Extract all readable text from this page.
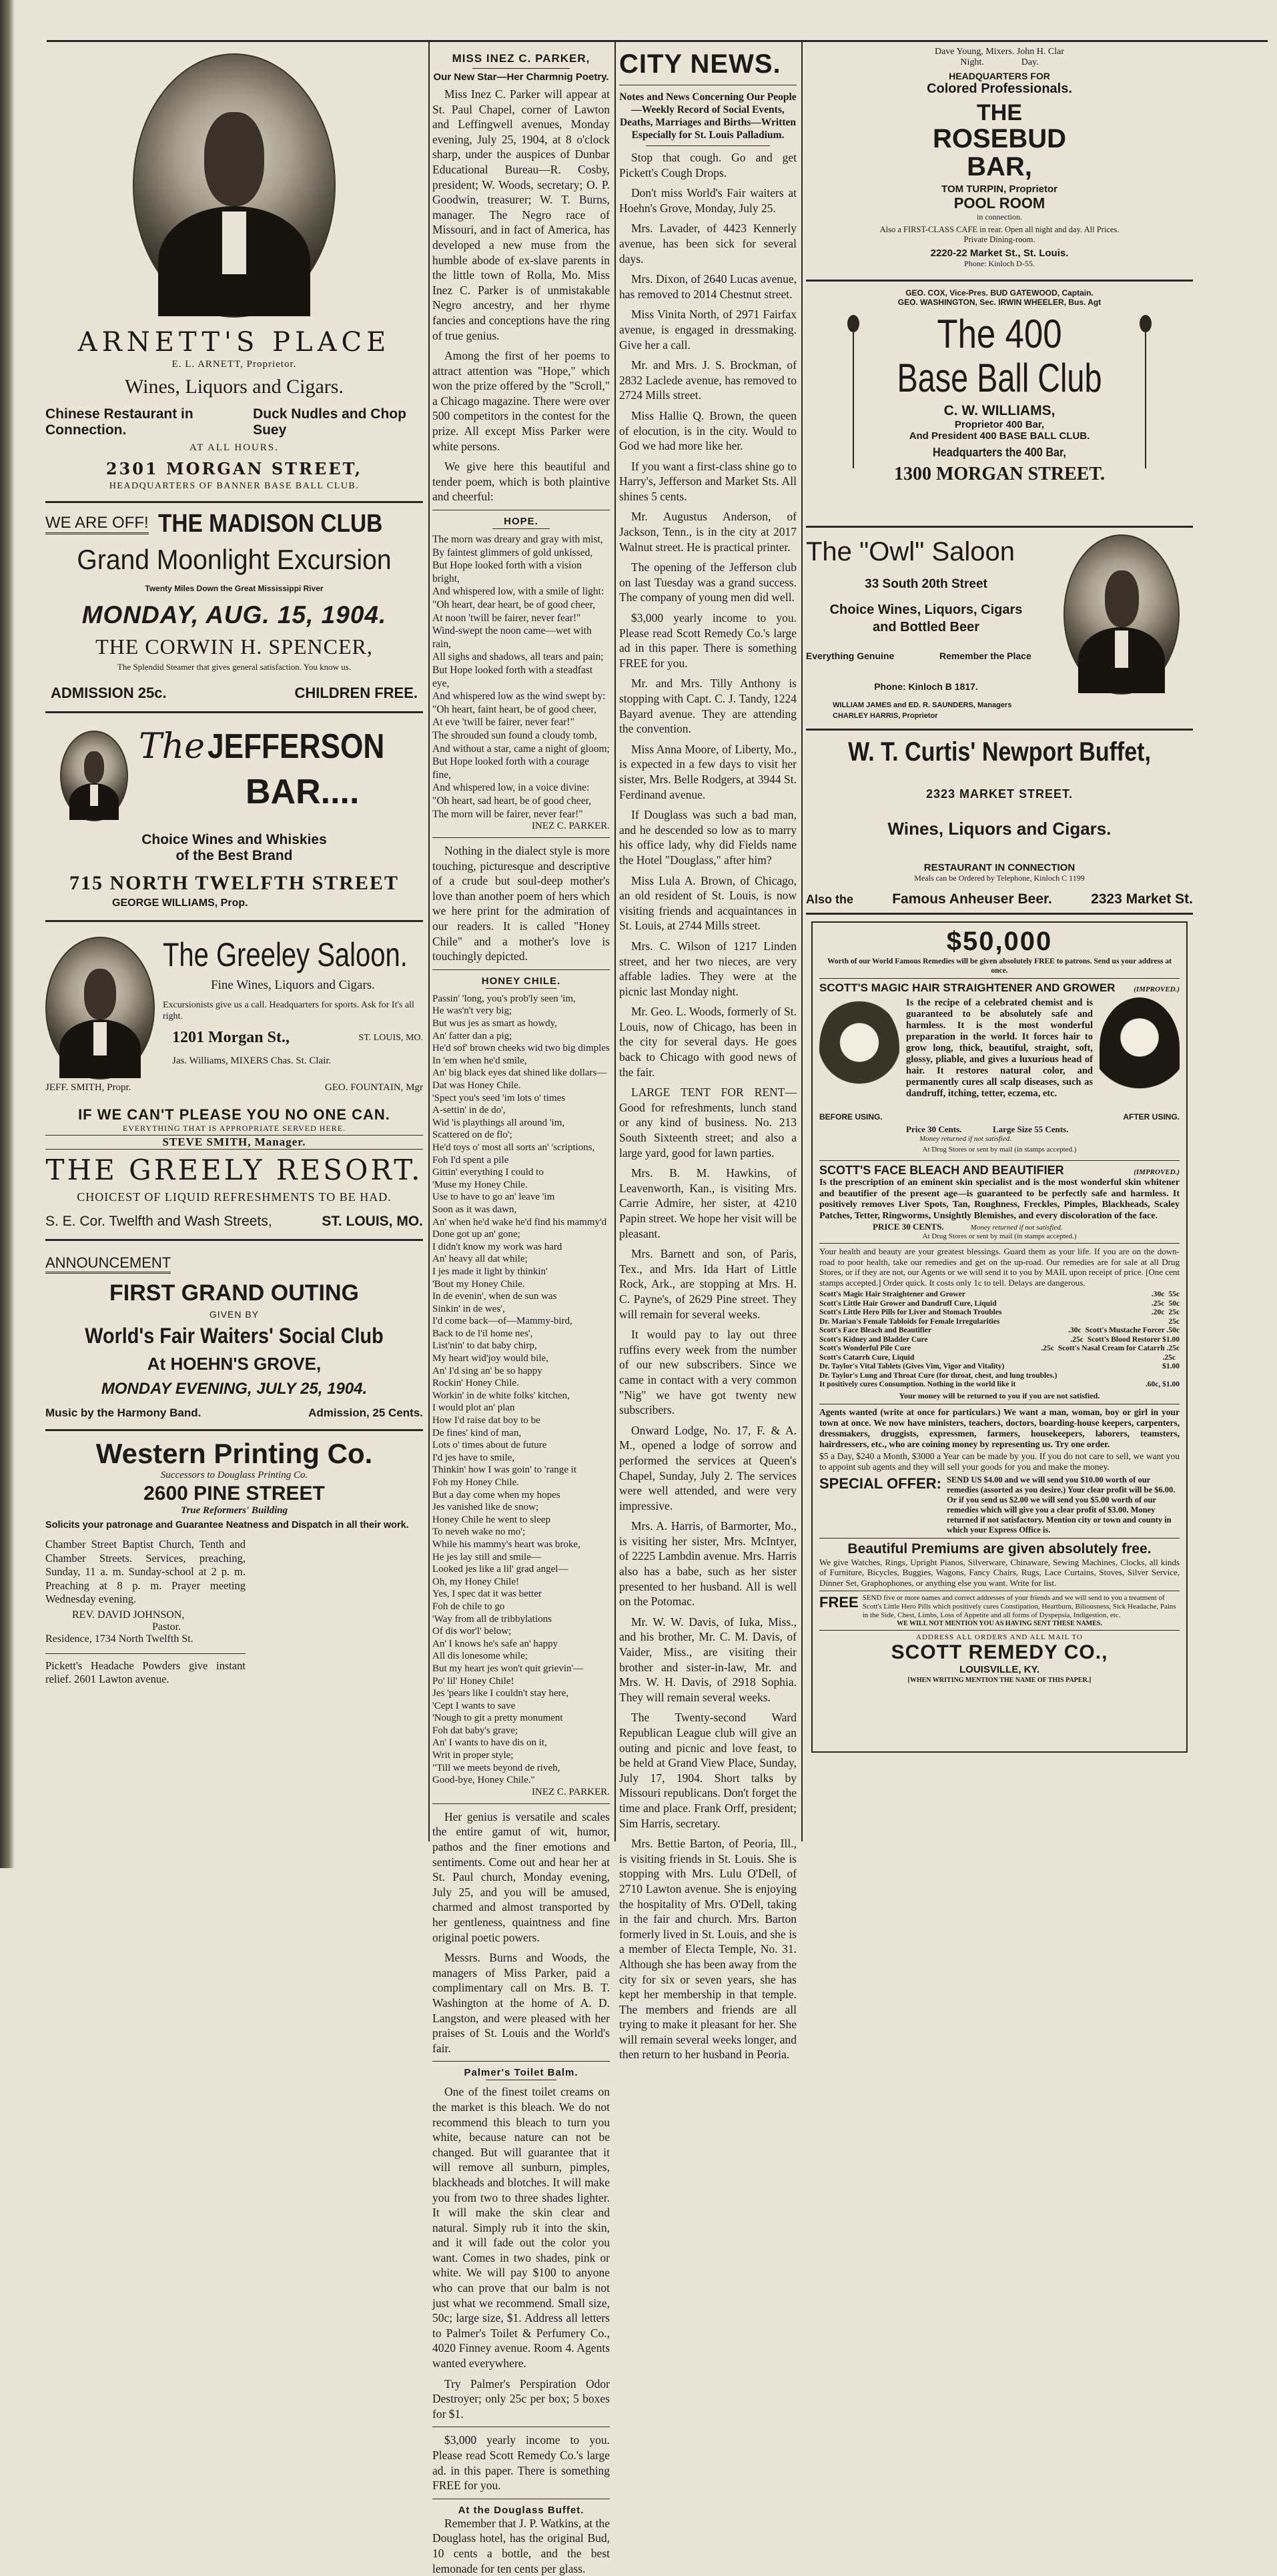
ARNETT'S PLACE
E. L. ARNETT, Proprietor.
Wines, Liquors and Cigars.
Chinese Restaurant in Connection.
Duck Nudles and Chop Suey
AT ALL HOURS.
2301 MORGAN STREET,
HEADQUARTERS OF BANNER BASE BALL CLUB.
WE ARE OFF! THE MADISON CLUB
Grand Moonlight Excursion
Twenty Miles Down the Great Mississippi River
MONDAY, AUG. 15, 1904.
THE CORWIN H. SPENCER,
The Splendid Steamer that gives general satisfaction. You know us.
ADMISSION 25c.	CHILDREN FREE.
The JEFFERSON
BAR....
Choice Wines and Whiskies
of the Best Brand
715 NORTH TWELFTH STREET
GEORGE WILLIAMS, Prop.
The Greeley Saloon.
Fine Wines, Liquors and Cigars.
Excursionists give us a call. Headquarters for sports. Ask for It's all right.
1201 Morgan St.,	ST. LOUIS, MO.
Jas. Williams, MIXERS Chas. St. Clair.
JEFF. SMITH, Propr.	GEO. FOUNTAIN, Mgr
IF WE CAN'T PLEASE YOU NO ONE CAN.
EVERYTHING THAT IS APPROPRIATE SERVED HERE.
STEVE SMITH, Manager.
THE GREELY RESORT.
CHOICEST OF LIQUID REFRESHMENTS TO BE HAD.
S. E. Cor. Twelfth and Wash Streets,	ST. LOUIS, MO.
ANNOUNCEMENT
FIRST GRAND OUTING
GIVEN BY
World's Fair Waiters' Social Club
At HOEHN'S GROVE,
MONDAY EVENING, JULY 25, 1904.
Music by the Harmony Band.	Admission, 25 Cents.
Western Printing Co.
Successors to Douglass Printing Co.
2600 PINE STREET
True Reformers' Building
Solicits your patronage and Guarantee Neatness and Dispatch in all their work.
Chamber Street Baptist Church, Tenth and Chamber Streets. Services, preaching, Sunday, 11 a. m. Sunday-school at 2 p. m. Preaching at 8 p. m. Prayer meeting Wednesday evening.
REV. DAVID JOHNSON,
Pastor.
Residence, 1734 North Twelfth St.
Pickett's Headache Powders give instant relief. 2601 Lawton avenue.
MISS INEZ C. PARKER,
Our New Star—Her Charmnig Poetry.

Miss Inez C. Parker will appear at St. Paul Chapel, corner of Lawton and Leffingwell avenues, Monday evening, July 25, 1904, at 8 o'clock sharp, under the auspices of Dunbar Educational Bureau—R. Cosby, president; W. Woods, secretary; O. P. Goodwin, treasurer; W. T. Burns, manager. The Negro race of Missouri, and in fact of America, has developed a new muse from the humble abode of ex-slave parents in the little town of Rolla, Mo. Miss Inez C. Parker is of unmistakable Negro ancestry, and her rhyme fancies and conceptions have the ring of true genius.

Among the first of her poems to attract attention was "Hope," which won the prize offered by the "Scroll," a Chicago magazine. There were over 500 competitors in the contest for the prize. All except Miss Parker were white persons.

We give here this beautiful and tender poem, which is both plaintive and cheerful:

HOPE.
The morn was dreary and gray with mist,
By faintest glimmers of gold unkissed,
But Hope looked forth with a vision bright,
And whispered low, with a smile of light:
"Oh heart, dear heart, be of good cheer,
At noon 'twill be fairer, never fear!"
Wind-swept the noon came—wet with rain,
All sighs and shadows, all tears and pain;
But Hope looked forth with a steadfast eye,
And whispered low as the wind swept by:
"Oh heart, faint heart, be of good cheer,
At eve 'twill be fairer, never fear!"
The shrouded sun found a cloudy tomb,
And without a star, came a night of gloom;
But Hope looked forth with a courage fine,
And whispered low, in a voice divine:
"Oh heart, sad heart, be of good cheer,
The morn will be fairer, never fear!"
INEZ C. PARKER.

Nothing in the dialect style is more touching, picturesque and descriptive of a crude but soul-deep mother's love than another poem of hers which we here print for the admiration of our readers. It is called "Honey Chile" and a mother's love is touchingly depicted.

HONEY CHILE.
Passin' 'long, you's prob'ly seen 'im,
He was'n't very big;
But wus jes as smart as howdy,
An' fatter dan a pig;
He'd sof' brown cheeks wid two big dimples
In 'em when he'd smile,
An' big black eyes dat shined like dollars—
Dat was Honey Chile.
'Spect you's seed 'im lots o' times
A-settin' in de do',
Wid 'is playthings all around 'im,
Scattered on de flo';
He'd toys o' most all sorts an' 'scriptions,
Foh I'd spent a pile
Gittin' everything I could to
'Muse my Honey Chile.
Use to have to go an' leave 'im
Soon as it was dawn,
An' when he'd wake he'd find his mammy'd
Done got up an' gone;
I didn't know my work was hard
An' heavy all dat while;
I jes made it light by thinkin'
'Bout my Honey Chile.
In de evenin', when de sun was
Sinkin' in de wes',
I'd come back—of—Mammy-bird,
Back to de l'il home nes',
List'nin' to dat baby chirp,
My heart wid'joy would bile,
An' I'd sing an' be so happy
Rockin' Honey Chile.
Workin' in de white folks' kitchen,
I would plot an' plan
How I'd raise dat boy to be
De fines' kind of man,
Lots o' times about de future
I'd jes have to smile,
Thinkin' how I was goin' to 'range it
Foh my Honey Chile.
But a day come when my hopes
Jes vanished like de snow;
Honey Chile he went to sleep
To neveh wake no mo';
While his mammy's heart was broke,
He jes lay still and smile—
Looked jes like a lil' grad angel—
Oh, my Honey Chile!
Yes, I spec dat it was better
Foh de chile to go
'Way from all de tribbylations
Of dis wor'l' below;
An' I knows he's safe an' happy
All dis lonesome while;
But my heart jes won't quit grievin'—
Po' lil' Honey Chile!
Jes 'pears like I couldn't stay here,
'Cept I wants to save
'Nough to git a pretty monument
Foh dat baby's grave;
An' I wants to have dis on it,
Writ in proper style;
"Till we meets beyond de riveh,
Good-bye, Honey Chile."
INEZ C. PARKER.

Her genius is versatile and scales the entire gamut of wit, humor, pathos and the finer emotions and sentiments. Come out and hear her at St. Paul church, Monday evening, July 25, and you will be amused, charmed and almost transported by her gentleness, quaintness and fine original poetic powers.

Messrs. Burns and Woods, the managers of Miss Parker, paid a complimentary call on Mrs. B. T. Washington at the home of A. D. Langston, and were pleased with her praises of St. Louis and the World's fair.

Palmer's Toilet Balm.

One of the finest toilet creams on the market is this bleach. We do not recommend this bleach to turn you white, because nature can not be changed. But will guarantee that it will remove all sunburn, pimples, blackheads and blotches. It will make you from two to three shades lighter. It will make the skin clear and natural. Simply rub it into the skin, and it will fade out the color you want. Comes in two shades, pink or white. We will pay $100 to anyone who can prove that our balm is not just what we recommend. Small size, 50c; large size, $1. Address all letters to Palmer's Toilet & Perfumery Co., 4020 Finney avenue. Room 4. Agents wanted everywhere.

Try Palmer's Perspiration Odor Destroyer; only 25c per box; 5 boxes for $1.

$3,000 yearly income to you. Please read Scott Remedy Co.'s large ad. in this paper. There is something FREE for you.

At the Douglass Buffet.

Remember that J. P. Watkins, at the Douglass hotel, has the original Bud, 10 cents a bottle, and the best lemonade for ten cents per glass.

CITY NEWS.
Notes and News Concerning Our People—Weekly Record of Social Events, Deaths, Marriages and Births—Written Especially for St. Louis Palladium.

Stop that cough. Go and get Pickett's Cough Drops.

Don't miss World's Fair waiters at Hoehn's Grove, Monday, July 25.

Mrs. Lavader, of 4423 Kennerly avenue, has been sick for several days.

Mrs. Dixon, of 2640 Lucas avenue, has removed to 2014 Chestnut street.

Miss Vinita North, of 2971 Fairfax avenue, is engaged in dressmaking. Give her a call.

Mr. and Mrs. J. S. Brockman, of 2832 Laclede avenue, has removed to 2724 Mills street.

Miss Hallie Q. Brown, the queen of elocution, is in the city. Would to God we had more like her.

If you want a first-class shine go to Harry's, Jefferson and Market Sts. All shines 5 cents.

Mr. Augustus Anderson, of Jackson, Tenn., is in the city at 2017 Walnut street. He is practical printer.

The opening of the Jefferson club on last Tuesday was a grand success. The company of young men did well.

$3,000 yearly income to you. Please read Scott Remedy Co.'s large ad in this paper. There is something FREE for you.

Mr. and Mrs. Tilly Anthony is stopping with Capt. C. J. Tandy, 1224 Bayard avenue. They are attending the convention.

Miss Anna Moore, of Liberty, Mo., is expected in a few days to visit her sister, Mrs. Belle Rodgers, at 3944 St. Ferdinand avenue.

If Douglass was such a bad man, and he descended so low as to marry his office lady, why did Fields name the Hotel "Douglass," after him?

Miss Lula A. Brown, of Chicago, an old resident of St. Louis, is now visiting friends and acquaintances in St. Louis, at 2744 Mills street.

Mrs. C. Wilson of 1217 Linden street, and her two nieces, are very affable ladies. They were at the picnic last Monday night.

Mr. Geo. L. Woods, formerly of St. Louis, now of Chicago, has been in the city for several days. He goes back to Chicago with good news of the fair.

LARGE TENT FOR RENT—Good for refreshments, lunch stand or any kind of business. No. 213 South Sixteenth street; and also a large yard, good for lawn parties.

Mrs. B. M. Hawkins, of Leavenworth, Kan., is visiting Mrs. Carrie Admire, her sister, at 4210 Papin street. We hope her visit will be pleasant.

Mrs. Barnett and son, of Paris, Tex., and Mrs. Ida Hart of Little Rock, Ark., are stopping at Mrs. H. C. Payne's, of 2629 Pine street. They will remain for several weeks.

It would pay to lay out three ruffins every week from the number of our new subscribers. Since we came in contact with a very common "Nig" we have got twenty new subscribers.

Onward Lodge, No. 17, F. & A. M., opened a lodge of sorrow and performed the services at Queen's Chapel, Sunday, July 2. The services were well attended, and were very impressive.

Mrs. A. Harris, of Barmorter, Mo., is visiting her sister, Mrs. McIntyer, of 2225 Lambdin avenue. Mrs. Harris also has a babe, such as her sister presented to her husband. All is well on the Potomac.

Mr. W. W. Davis, of Iuka, Miss., and his brother, Mr. C. M. Davis, of Vaider, Miss., are visiting their brother and sister-in-law, Mr. and Mrs. W. H. Davis, of 2918 Sophia. They will remain several weeks.

The Twenty-second Ward Republican League club will give an outing and picnic and love feast, to be held at Grand View Place, Sunday, July 17, 1904. Short talks by Missouri republicans. Don't forget the time and place. Frank Orff, president; Sim Harris, secretary.

Mrs. Bettie Barton, of Peoria, Ill., is visiting friends in St. Louis. She is stopping with Mrs. Lulu O'Dell, of 2710 Lawton avenue. She is enjoying the hospitality of Mrs. O'Dell, taking in the fair and church. Mrs. Barton formerly lived in St. Louis, and she is a member of Electa Temple, No. 31. Although she has been away from the city for six or seven years, she has kept her membership in that temple. The members and friends are all trying to make it pleasant for her. She will remain several weeks longer, and then return to her husband in Peoria.

Dave Young, Mixers. John H. Clar
Night.                Day.
HEADQUARTERS FOR
Colored Professionals.
THE
ROSEBUD
BAR,
TOM TURPIN, Proprietor
POOL ROOM
in connection.
Also a FIRST-CLASS CAFE in rear. Open all night and day. All Prices. Private Dining-room.
2220-22 Market St., St. Louis.
Phone: Kinloch D-55.
GEO. COX, Vice-Pres. BUD GATEWOOD, Captain.
GEO. WASHINGTON, Sec. IRWIN WHEELER, Bus. Agt
The 400
Base Ball Club
C. W. WILLIAMS,
Proprietor 400 Bar,
And President 400 BASE BALL CLUB.
Headquarters the 400 Bar,
1300 MORGAN STREET.
The "Owl" Saloon
33 South 20th Street
Choice Wines, Liquors, Cigars
and Bottled Beer
Everything Genuine	Remember the Place
Phone: Kinloch B 1817.
WILLIAM JAMES and ED. R. SAUNDERS, Managers
CHARLEY HARRIS, Proprietor
W. T. Curtis' Newport Buffet,
2323 MARKET STREET.
Wines, Liquors and Cigars.
RESTAURANT IN CONNECTION
Meals can be Ordered by Telephone, Kinloch C 1199
Also the	Famous Anheuser Beer.	2323 Market St.
$50,000
Worth of our World Famous Remedies will be given absolutely FREE to patrons. Send us your address at once.
SCOTT'S MAGIC HAIR STRAIGHTENER AND GROWER	(IMPROVED.)
Is the recipe of a celebrated chemist and is guaranteed to be absolutely safe and harmless. It is the most wonderful preparation in the world. It forces hair to grow long, thick, beautiful, straight, soft, glossy, pliable, and gives a luxurious head of hair. It restores natural color, and permanently cures all scalp diseases, such as dandruff, itching, tetter, eczema, etc.
BEFORE USING.	AFTER USING.
Price 30 Cents.	Large Size 55 Cents.
Money returned if not satisfied.
At Drug Stores or sent by mail (in stamps accepted.)
SCOTT'S FACE BLEACH AND BEAUTIFIER	(IMPROVED.)
Is the prescription of an eminent skin specialist and is the most wonderful skin whitener and beautifier of the present age—is guaranteed to be perfectly safe and harmless. It positively removes Liver Spots, Tan, Roughness, Freckles, Pimples, Blackheads, Scaley Patches, Tetter, Ringworms, Unsightly Blemishes, and every discoloration of the face.
PRICE 30 CENTS.	Money returned if not satisfied.
At Drug Stores or sent by mail (in stamps accepted.)
Your health and beauty are your greatest blessings. Guard them as your life. If you are on the down-road to poor health, take our remedies and get on the up-road. Our remedies are for sale at all Drug Stores, or if they are not, our Agents or we will send it to you by MAIL upon receipt of price. [One cent stamps accepted.] Order quick. It costs only 1c to tell. Delays are dangerous.
Scott's Magic Hair Straightener and Grower	.30c 55c
Scott's Little Hair Grower and Dandruff Cure, Liquid	.25c 50c
Scott's Little Hero Pills for Liver and Stomach Troubles	.20c 25c
Dr. Marian's Female Tabloids for Female Irregularities	25c
Scott's Face Bleach and Beautifier	.30c Scott's Mustache Forcer .50c
Scott's Kidney and Bladder Cure	.25c Scott's Blood Restorer $1.00
Scott's Wonderful Pile Cure	.25c Scott's Nasal Cream for Catarrh .25c
Scott's Catarrh Cure, Liquid	.25c
Dr. Taylor's Vital Tablets (Gives Vim, Vigor and Vitality)	$1.00
Dr. Taylor's Lung and Throat Cure (for throat, chest, and lung troubles.)
It positively cures Consumption. Nothing in the world like it	.60c, $1.00
Your money will be returned to you if you are not satisfied.
Agents wanted (write at once for particulars.) We want a man, woman, boy or girl in your town at once. We now have ministers, teachers, doctors, boarding-house keepers, carpenters, dressmakers, druggists, expressmen, farmers, housekeepers, laborers, teamsters, hairdressers, etc., who are coining money by representing us. Try one order.
$5 a Day, $240 a Month, $3000 a Year can be made by you. If you do not care to sell, we want you to appoint sub agents and they will sell your goods for you and make the money.
SPECIAL OFFER: SEND US $4.00 and we will send you $10.00 worth of our remedies (assorted as you desire.) Your clear profit will be $6.00. Or if you send us $2.00 we will send you $5.00 worth of our remedies which will give you a clear profit of $3.00. Money returned if not satisfactory. Mention city or town and county in which your Express Office is.
Beautiful Premiums are given absolutely free.
We give Watches, Rings, Upright Pianos, Silverware, Chinaware, Sewing Machines, Clocks, all kinds of Furniture, Bicycles, Buggies, Wagons, Fancy Chairs, Rugs, Lace Curtains, Stoves, Silver Service, Dinner Set, Graphophones, or anything else you want. Write for list.
FREE SEND five or more names and correct addresses of your friends and we will send to you a treatment of Scott's Little Hero Pills which positively cures Constipation, Heartburn, Biliousness, Sick Headache, Pains in the Side, Chest, Limbs, Loss of Appetite and all forms of Dyspepsia, Indigestion, etc.
WE WILL NOT MENTION YOU AS HAVING SENT THESE NAMES.
ADDRESS ALL ORDERS AND ALL MAIL TO
SCOTT REMEDY CO.,
LOUISVILLE, KY.
[WHEN WRITING MENTION THE NAME OF THIS PAPER.]
